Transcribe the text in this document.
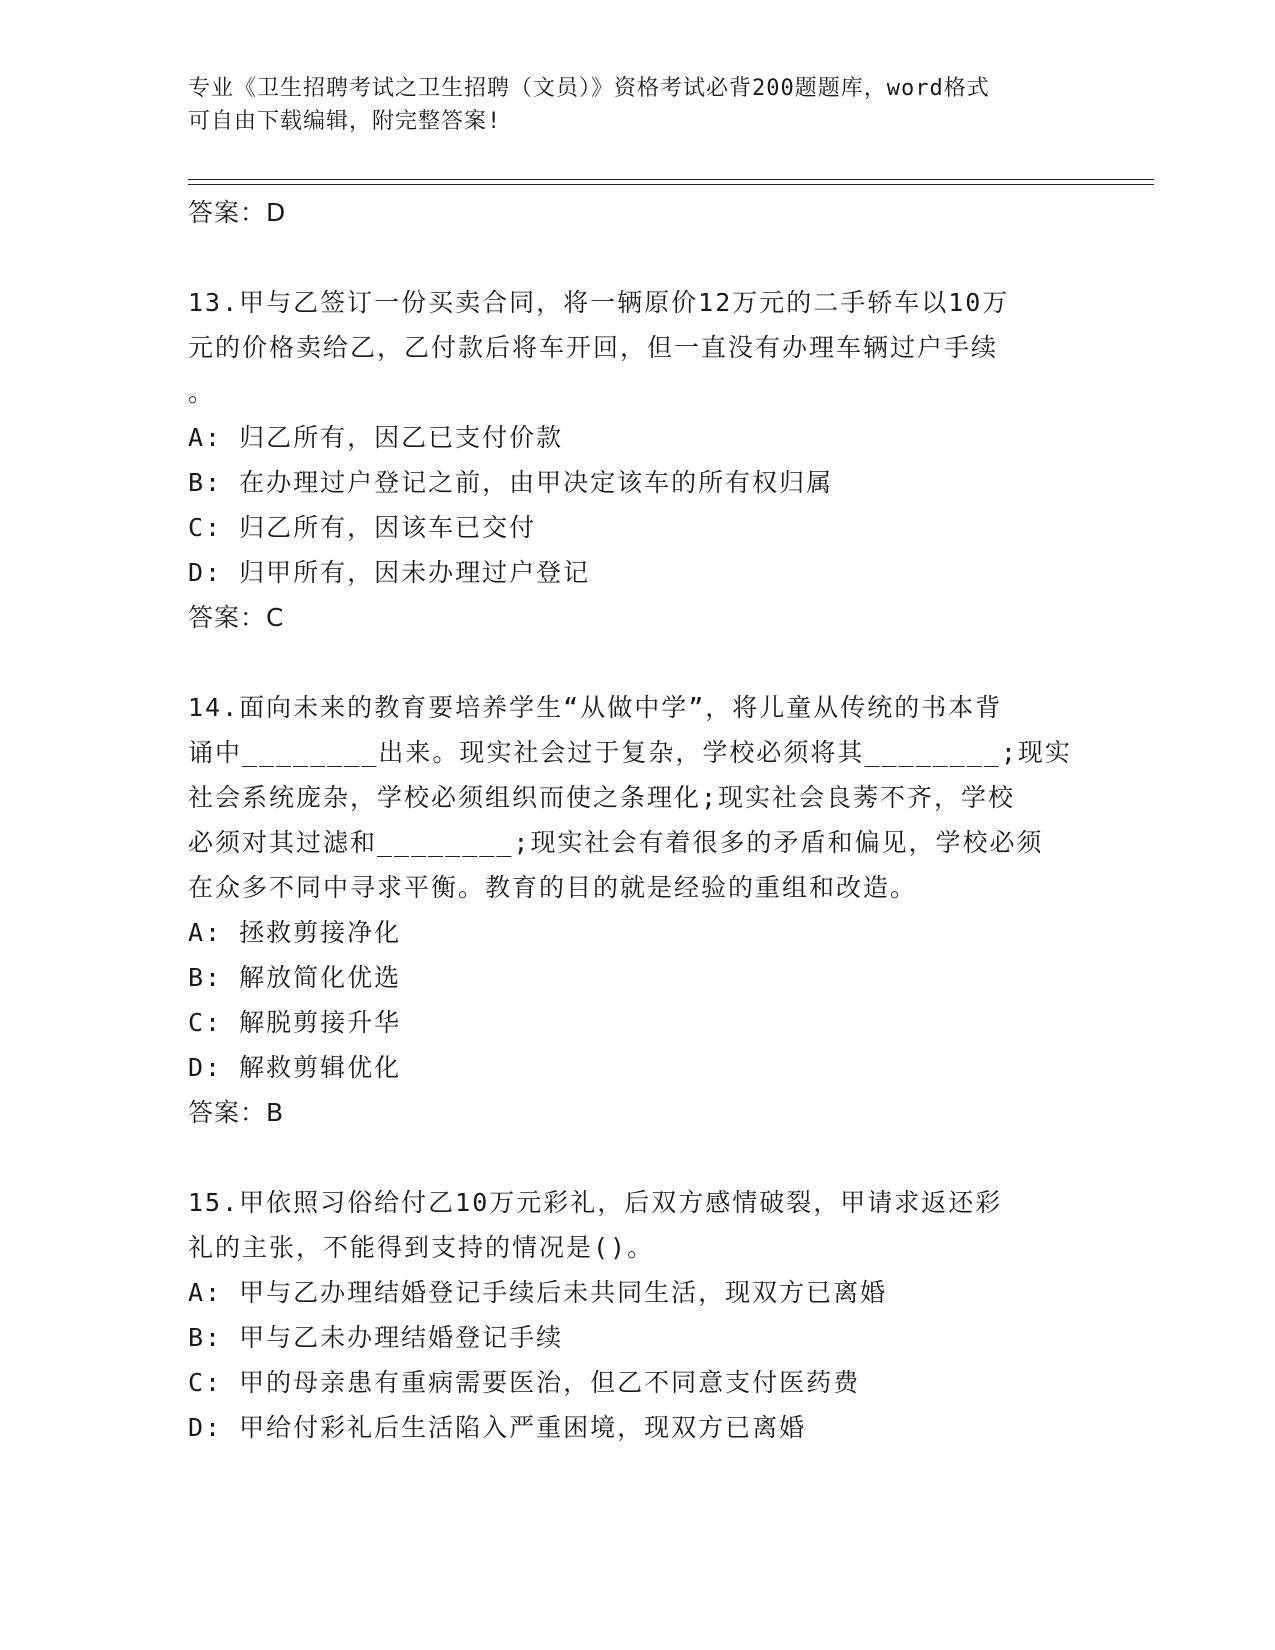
专业《卫生招聘考试之卫生招聘（文员）》资格考试必背200题题库，word格式
可自由下载编辑，附完整答案!
答案：D
13.甲与乙签订一份买卖合同，将一辆原价12万元的二手轿车以10万
元的价格卖给乙，乙付款后将车开回，但一直没有办理车辆过户手续
。
A: 归乙所有，因乙已支付价款
B: 在办理过户登记之前，由甲决定该车的所有权归属
C: 归乙所有，因该车已交付
D: 归甲所有，因未办理过户登记
答案：C
14.面向未来的教育要培养学生“从做中学”，将儿童从传统的书本背
诵中________出来。现实社会过于复杂，学校必须将其________;现实
社会系统庞杂，学校必须组织而使之条理化;现实社会良莠不齐，学校
必须对其过滤和________;现实社会有着很多的矛盾和偏见，学校必须
在众多不同中寻求平衡。教育的目的就是经验的重组和改造。
A: 拯救剪接净化
B: 解放简化优选
C: 解脱剪接升华
D: 解救剪辑优化
答案：B
15.甲依照习俗给付乙10万元彩礼，后双方感情破裂，甲请求返还彩
礼的主张，不能得到支持的情况是()。
A: 甲与乙办理结婚登记手续后未共同生活，现双方已离婚
B: 甲与乙未办理结婚登记手续
C: 甲的母亲患有重病需要医治，但乙不同意支付医药费
D: 甲给付彩礼后生活陷入严重困境，现双方已离婚
